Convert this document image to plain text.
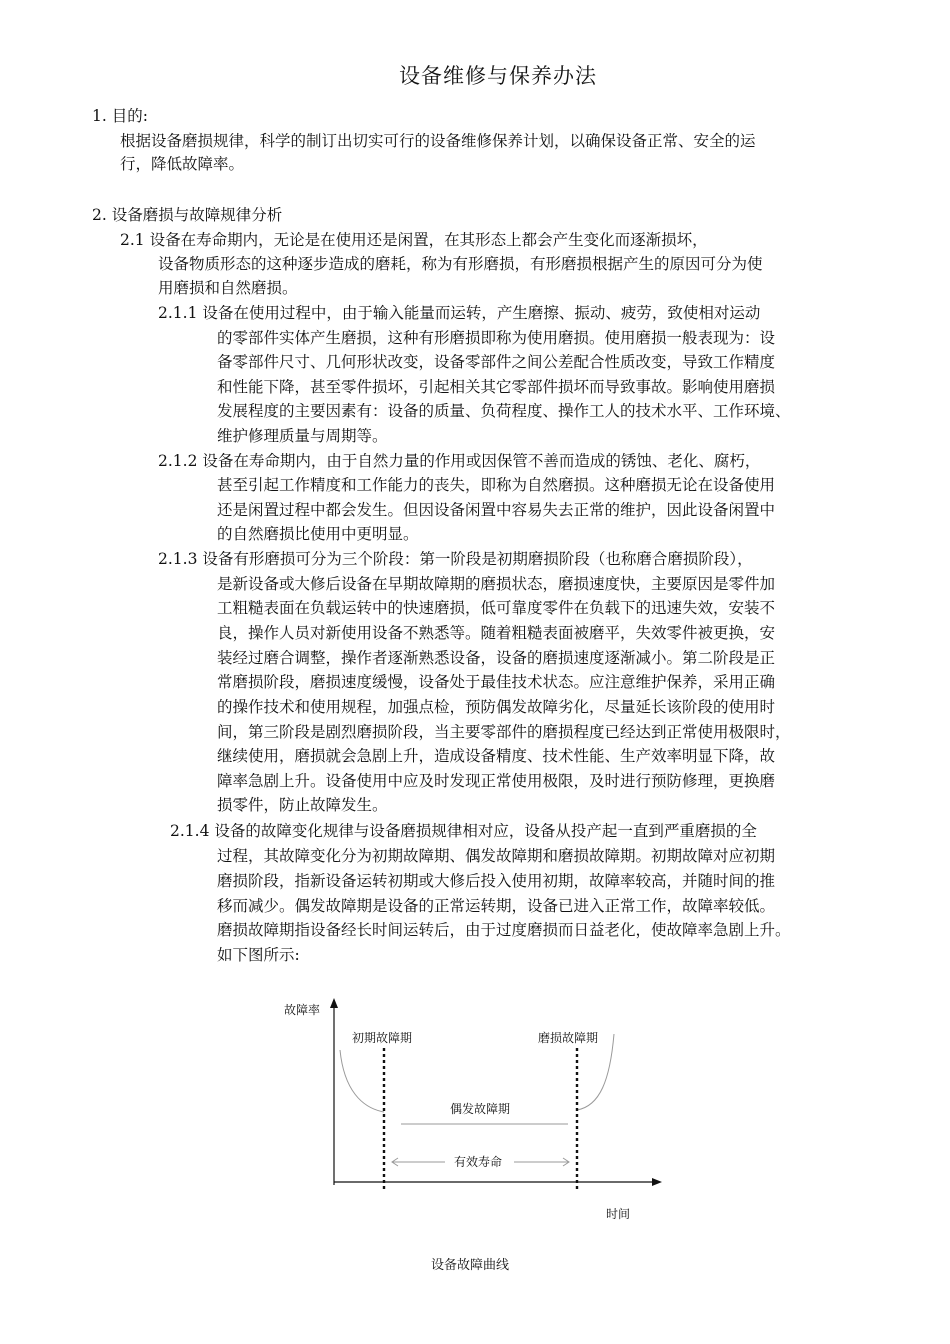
设备维修与保养办法
1. 目的:
根据设备磨损规律，科学的制订出切实可行的设备维修保养计划，以确保设备正常、安全的运
行，降低故障率。
2. 设备磨损与故障规律分析
2.1 设备在寿命期内，无论是在使用还是闲置，在其形态上都会产生变化而逐渐损坏，
设备物质形态的这种逐步造成的磨耗，称为有形磨损，有形磨损根据产生的原因可分为使
用磨损和自然磨损。
2.1.1 设备在使用过程中，由于输入能量而运转，产生磨擦、振动、疲劳，致使相对运动
的零部件实体产生磨损，这种有形磨损即称为使用磨损。使用磨损一般表现为：设
备零部件尺寸、几何形状改变，设备零部件之间公差配合性质改变，导致工作精度
和性能下降，甚至零件损坏，引起相关其它零部件损坏而导致事故。影响使用磨损
发展程度的主要因素有：设备的质量、负荷程度、操作工人的技术水平、工作环境、
维护修理质量与周期等。
2.1.2 设备在寿命期内，由于自然力量的作用或因保管不善而造成的锈蚀、老化、腐朽，
甚至引起工作精度和工作能力的丧失，即称为自然磨损。这种磨损无论在设备使用
还是闲置过程中都会发生。但因设备闲置中容易失去正常的维护，因此设备闲置中
的自然磨损比使用中更明显。
2.1.3 设备有形磨损可分为三个阶段：第一阶段是初期磨损阶段（也称磨合磨损阶段），
是新设备或大修后设备在早期故障期的磨损状态，磨损速度快，主要原因是零件加
工粗糙表面在负载运转中的快速磨损，低可靠度零件在负载下的迅速失效，安装不
良，操作人员对新使用设备不熟悉等。随着粗糙表面被磨平，失效零件被更换，安
装经过磨合调整，操作者逐渐熟悉设备，设备的磨损速度逐渐减小。第二阶段是正
常磨损阶段，磨损速度缓慢，设备处于最佳技术状态。应注意维护保养，采用正确
的操作技术和使用规程，加强点检，预防偶发故障劣化，尽量延长该阶段的使用时
间，第三阶段是剧烈磨损阶段，当主要零部件的磨损程度已经达到正常使用极限时，
继续使用，磨损就会急剧上升，造成设备精度、技术性能、生产效率明显下降，故
障率急剧上升。设备使用中应及时发现正常使用极限，及时进行预防修理，更换磨
损零件，防止故障发生。
2.1.4 设备的故障变化规律与设备磨损规律相对应，设备从投产起一直到严重磨损的全
过程，其故障变化分为初期故障期、偶发故障期和磨损故障期。初期故障对应初期
磨损阶段，指新设备运转初期或大修后投入使用初期，故障率较高，并随时间的推
移而减少。偶发故障期是设备的正常运转期，设备已进入正常工作，故障率较低。
磨损故障期指设备经长时间运转后，由于过度磨损而日益老化，使故障率急剧上升。
如下图所示:
故障率
时间
初期故障期	磨损故障期
偶发故障期
有效寿命
设备故障曲线
